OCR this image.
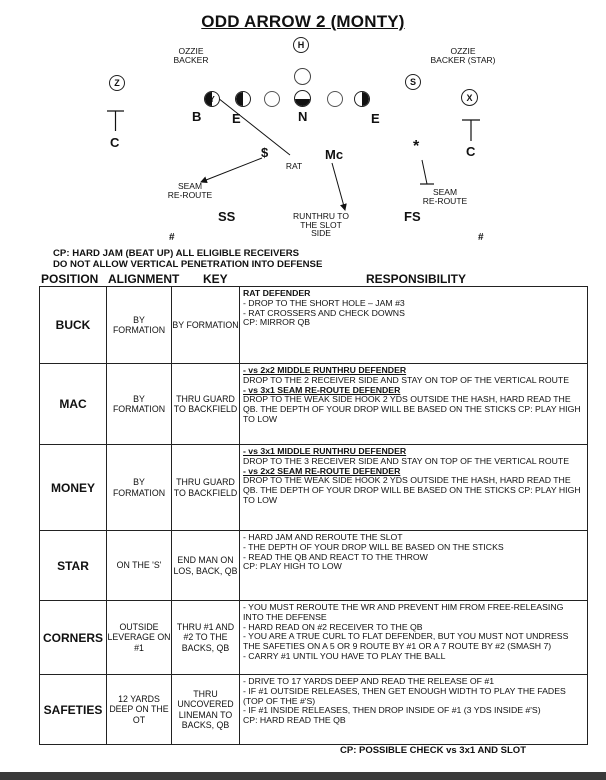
ODD ARROW 2 (MONTY)
OZZIE
BACKER
OZZIE
BACKER (STAR)
H
Z	S
X
Y
B E	N	E
C
C
$	Mc	*
RAT
SEAM
RE-ROUTE	SEAM
RE-ROUTE
RUNTHRU TO
THE SLOT
SIDE
SS	FS
#	#
CP: HARD JAM (BEAT UP) ALL ELIGIBLE RECEIVERS
DO NOT ALLOW VERTICAL PENETRATION INTO DEFENSE
POSITION ALIGNMENT KEY	RESPONSIBILITY
BUCK	BY FORMATION	BY FORMATION	RAT DEFENDER
- DROP TO THE SHORT HOLE – JAM #3
- RAT CROSSERS AND CHECK DOWNS
CP: MIRROR QB

MAC	BY FORMATION	THRU GUARD TO BACKFIELD	- vs 2x2 MIDDLE RUNTHRU DEFENDER
DROP TO THE 2 RECEIVER SIDE AND STAY ON TOP OF THE VERTICAL ROUTE
- vs 3x1 SEAM RE-ROUTE DEFENDER
DROP TO THE WEAK SIDE HOOK 2 YDS OUTSIDE THE HASH, HARD READ THE QB. THE DEPTH OF YOUR DROP WILL BE BASED ON THE STICKS CP: PLAY HIGH TO LOW

MONEY	BY FORMATION	THRU GUARD TO BACKFIELD	- vs 3x1 MIDDLE RUNTHRU DEFENDER
DROP TO THE 3 RECEIVER SIDE AND STAY ON TOP OF THE VERTICAL ROUTE
- vs 2x2 SEAM RE-ROUTE DEFENDER
DROP TO THE WEAK SIDE HOOK 2 YDS OUTSIDE THE HASH, HARD READ THE QB. THE DEPTH OF YOUR DROP WILL BE BASED ON THE STICKS CP: PLAY HIGH TO LOW

STAR	ON THE 'S'	END MAN ON LOS, BACK, QB	- HARD JAM AND REROUTE THE SLOT
- THE DEPTH OF YOUR DROP WILL BE BASED ON THE STICKS
- READ THE QB AND REACT TO THE THROW
CP: PLAY HIGH TO LOW

CORNERS	OUTSIDE LEVERAGE ON #1	THRU #1 AND #2 TO THE BACKS, QB	- YOU MUST REROUTE THE WR AND PREVENT HIM FROM FREE-RELEASING INTO THE DEFENSE
- HARD READ ON #2 RECEIVER TO THE QB
- YOU ARE A TRUE CURL TO FLAT DEFENDER, BUT YOU MUST NOT UNDRESS THE SAFETIES ON A 5 OR 9 ROUTE BY #1 OR A 7 ROUTE BY #2 (SMASH 7)
- CARRY #1 UNTIL YOU HAVE TO PLAY THE BALL

SAFETIES	12 YARDS DEEP ON THE OT	THRU UNCOVERED LINEMAN TO BACKS, QB	- DRIVE TO 17 YARDS DEEP AND READ THE RELEASE OF #1
- IF #1 OUTSIDE RELEASES, THEN GET ENOUGH WIDTH TO PLAY THE FADES (TOP OF THE #'S)
- IF #1 INSIDE RELEASES, THEN DROP INSIDE OF #1 (3 YDS INSIDE #'S)
CP: HARD READ THE QB
CP: POSSIBLE CHECK vs 3x1 AND SLOT
